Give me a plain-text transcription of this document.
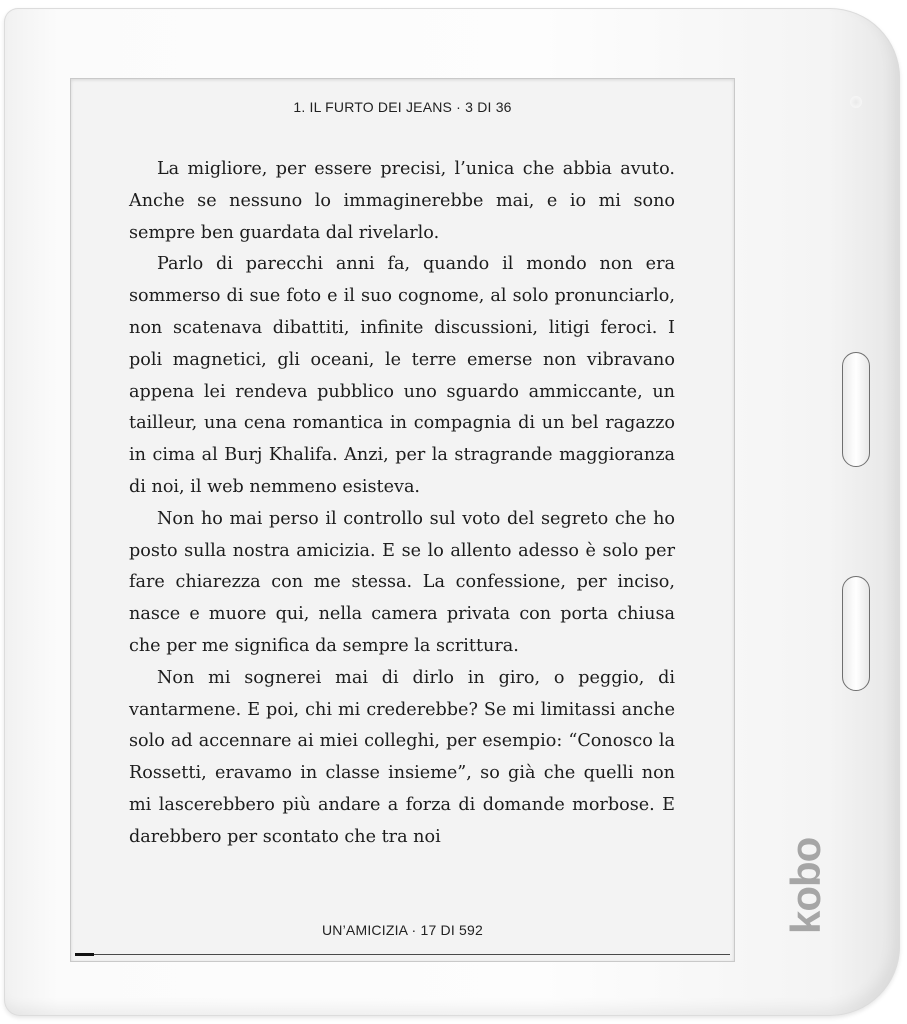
1. IL FURTO DEI JEANS · 3 DI 36

La migliore, per essere precisi, l’unica che abbia avuto. Anche se nessuno lo immaginerebbe mai, e io mi sono sempre ben guardata dal rivelarlo.

Parlo di parecchi anni fa, quando il mondo non era sommerso di sue foto e il suo cognome, al solo pronunciarlo, non scatenava dibattiti, infinite discussioni, litigi feroci. I poli magnetici, gli oceani, le terre emerse non vibravano appena lei rendeva pubblico uno sguardo ammiccante, un tailleur, una cena romantica in compagnia di un bel ragazzo in cima al Burj Khalifa. Anzi, per la stragrande maggioranza di noi, il web nemmeno esisteva.

Non ho mai perso il controllo sul voto del segreto che ho posto sulla nostra amicizia. E se lo allento adesso è solo per fare chiarezza con me stessa. La confessione, per inciso, nasce e muore qui, nella camera privata con porta chiusa che per me significa da sempre la scrittura.

Non mi sognerei mai di dirlo in giro, o peggio, di vantarmene. E poi, chi mi crederebbe? Se mi limitassi anche solo ad accennare ai miei colleghi, per esempio: “Conosco la Rossetti, eravamo in classe insieme”, so già che quelli non mi lascerebbero più andare a forza di domande morbose. E darebbero per scontato che tra noi

UN’AMICIZIA · 17 DI 592	kobo
